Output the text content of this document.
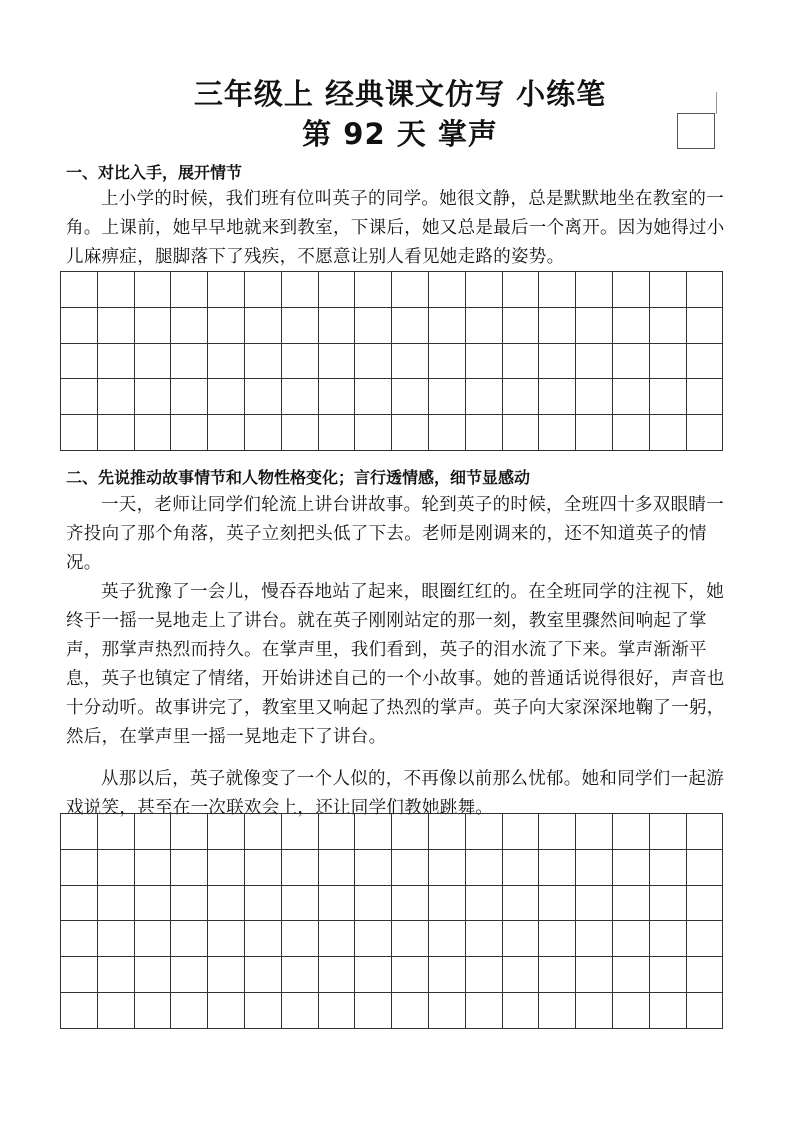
三年级上 经典课文仿写 小练笔
第 92 天 掌声
一、对比入手，展开情节
上小学的时候，我们班有位叫英子的同学。她很文静，总是默默地坐在教室的一角。上课前，她早早地就来到教室，下课后，她又总是最后一个离开。因为她得过小儿麻痹症，腿脚落下了残疾，不愿意让别人看见她走路的姿势。
二、先说推动故事情节和人物性格变化；言行透情感，细节显感动
一天，老师让同学们轮流上讲台讲故事。轮到英子的时候，全班四十多双眼睛一齐投向了那个角落，英子立刻把头低了下去。老师是刚调来的，还不知道英子的情况。
英子犹豫了一会儿，慢吞吞地站了起来，眼圈红红的。在全班同学的注视下，她终于一摇一晃地走上了讲台。就在英子刚刚站定的那一刻，教室里骤然间响起了掌声，那掌声热烈而持久。在掌声里，我们看到，英子的泪水流了下来。掌声渐渐平息，英子也镇定了情绪，开始讲述自己的一个小故事。她的普通话说得很好，声音也十分动听。故事讲完了，教室里又响起了热烈的掌声。英子向大家深深地鞠了一躬，然后，在掌声里一摇一晃地走下了讲台。
从那以后，英子就像变了一个人似的，不再像以前那么忧郁。她和同学们一起游戏说笑，甚至在一次联欢会上，还让同学们教她跳舞。
